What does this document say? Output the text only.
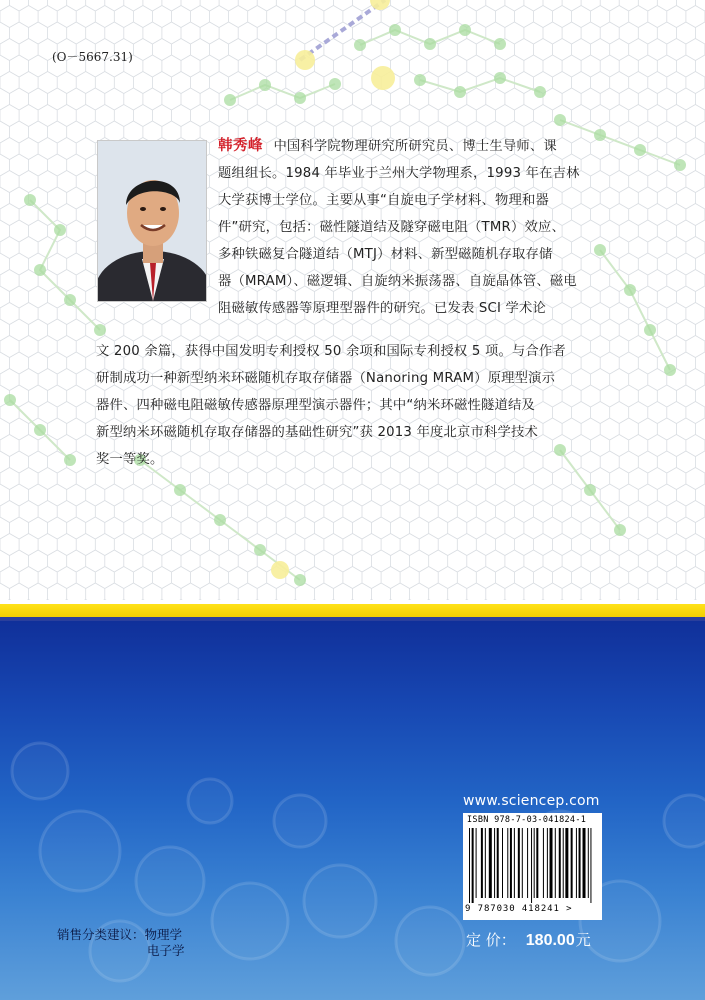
(O－5667.31)
韩秀峰 中国科学院物理研究所研究员、博士生导师、课
题组组长。1984 年毕业于兰州大学物理系，1993 年在吉林
大学获博士学位。主要从事“自旋电子学材料、物理和器
件”研究，包括：磁性隧道结及隧穿磁电阻（TMR）效应、
多种铁磁复合隧道结（MTJ）材料、新型磁随机存取存储
器（MRAM）、磁逻辑、自旋纳米振荡器、自旋晶体管、磁电
阻磁敏传感器等原理型器件的研究。已发表 SCI 学术论
文 200 余篇，获得中国发明专利授权 50 余项和国际专利授权 5 项。与合作者
研制成功一种新型纳米环磁随机存取存储器（Nanoring MRAM）原理型演示
器件、四种磁电阻磁敏传感器原理型演示器件；其中“纳米环磁性隧道结及
新型纳米环磁随机存取存储器的基础性研究”获 2013 年度北京市科学技术
奖一等奖。
www.sciencep.com
ISBN 978-7-03-041824-1
9 787030 418241 >
定 价： 180.00元
销售分类建议：物理学
电子学
